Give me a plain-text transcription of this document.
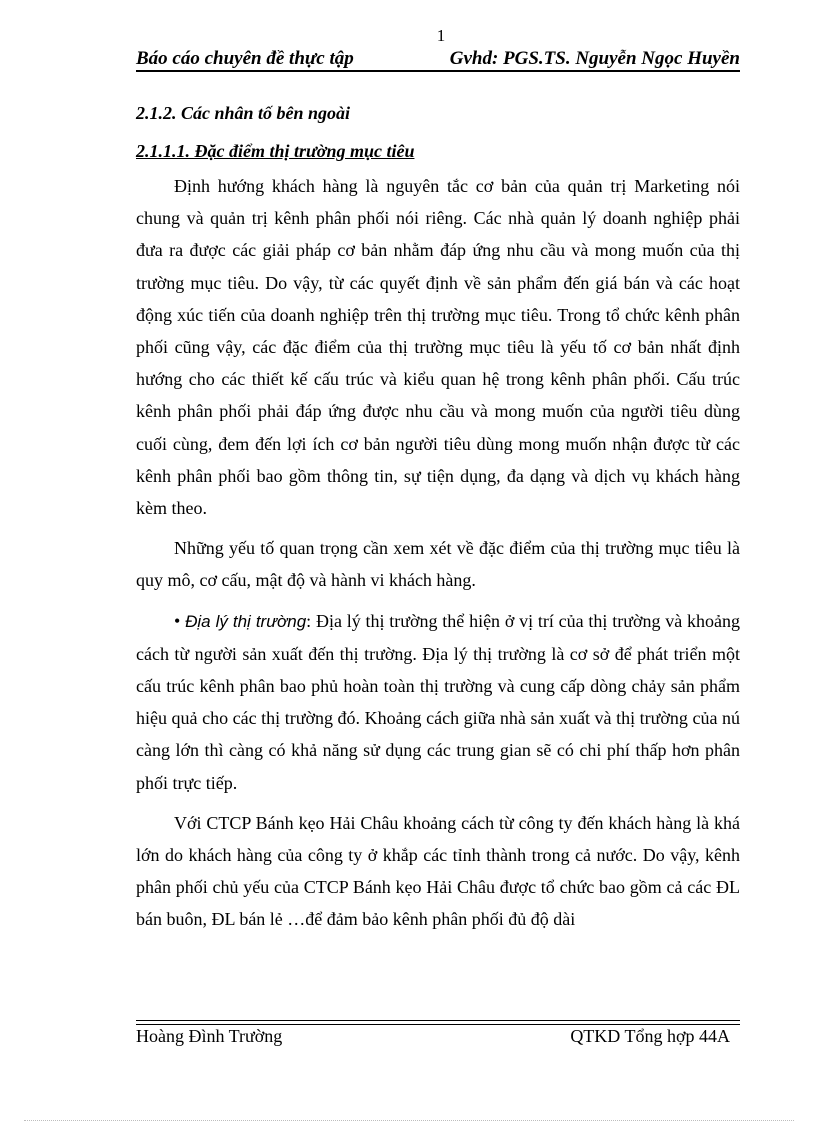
1
Báo cáo chuyên đề thực tập	Gvhd: PGS.TS. Nguyễn Ngọc Huyền

2.1.2. Các nhân tố bên ngoài

2.1.1.1. Đặc điểm thị trường mục tiêu

Định hướng khách hàng là nguyên tắc cơ bản của quản trị Marketing nói chung và quản trị kênh phân phối nói riêng. Các nhà quản lý doanh nghiệp phải đưa ra được các giải pháp cơ bản nhằm đáp ứng nhu cầu và mong muốn của thị trường mục tiêu. Do vậy, từ các quyết định về sản phẩm đến giá bán và các hoạt động xúc tiến của doanh nghiệp trên thị trường mục tiêu. Trong tổ chức kênh phân phối cũng vậy, các đặc điểm của thị trường mục tiêu là yếu tố cơ bản nhất định hướng cho các thiết kế cấu trúc và kiểu quan hệ trong kênh phân phối. Cấu trúc kênh phân phối phải đáp ứng được nhu cầu và mong muốn của người tiêu dùng cuối cùng, đem đến lợi ích cơ bản người tiêu dùng mong muốn nhận được từ các kênh phân phối bao gồm thông tin, sự tiện dụng, đa dạng và dịch vụ khách hàng kèm theo.

Những yếu tố quan trọng cần xem xét về đặc điểm của thị trường mục tiêu là quy mô, cơ cấu, mật độ và hành vi khách hàng.

• Địa lý thị trường: Địa lý thị trường thể hiện ở vị trí của thị trường và khoảng cách từ người sản xuất đến thị trường. Địa lý thị trường là cơ sở để phát triển một cấu trúc kênh phân bao phủ hoàn toàn thị trường và cung cấp dòng chảy sản phẩm hiệu quả cho các thị trường đó. Khoảng cách giữa nhà sản xuất và thị trường của nú càng lớn thì càng có khả năng sử dụng các trung gian sẽ có chi phí thấp hơn phân phối trực tiếp.

Với CTCP Bánh kẹo Hải Châu khoảng cách từ công ty đến khách hàng là khá lớn do khách hàng của công ty ở khắp các tỉnh thành trong cả nước. Do vậy, kênh phân phối chủ yếu của CTCP Bánh kẹo Hải Châu được tổ chức bao gồm cả các ĐL bán buôn, ĐL bán lẻ …để đảm bảo kênh phân phối đủ độ dài

Hoàng Đình Trường	QTKD Tổng hợp 44A
